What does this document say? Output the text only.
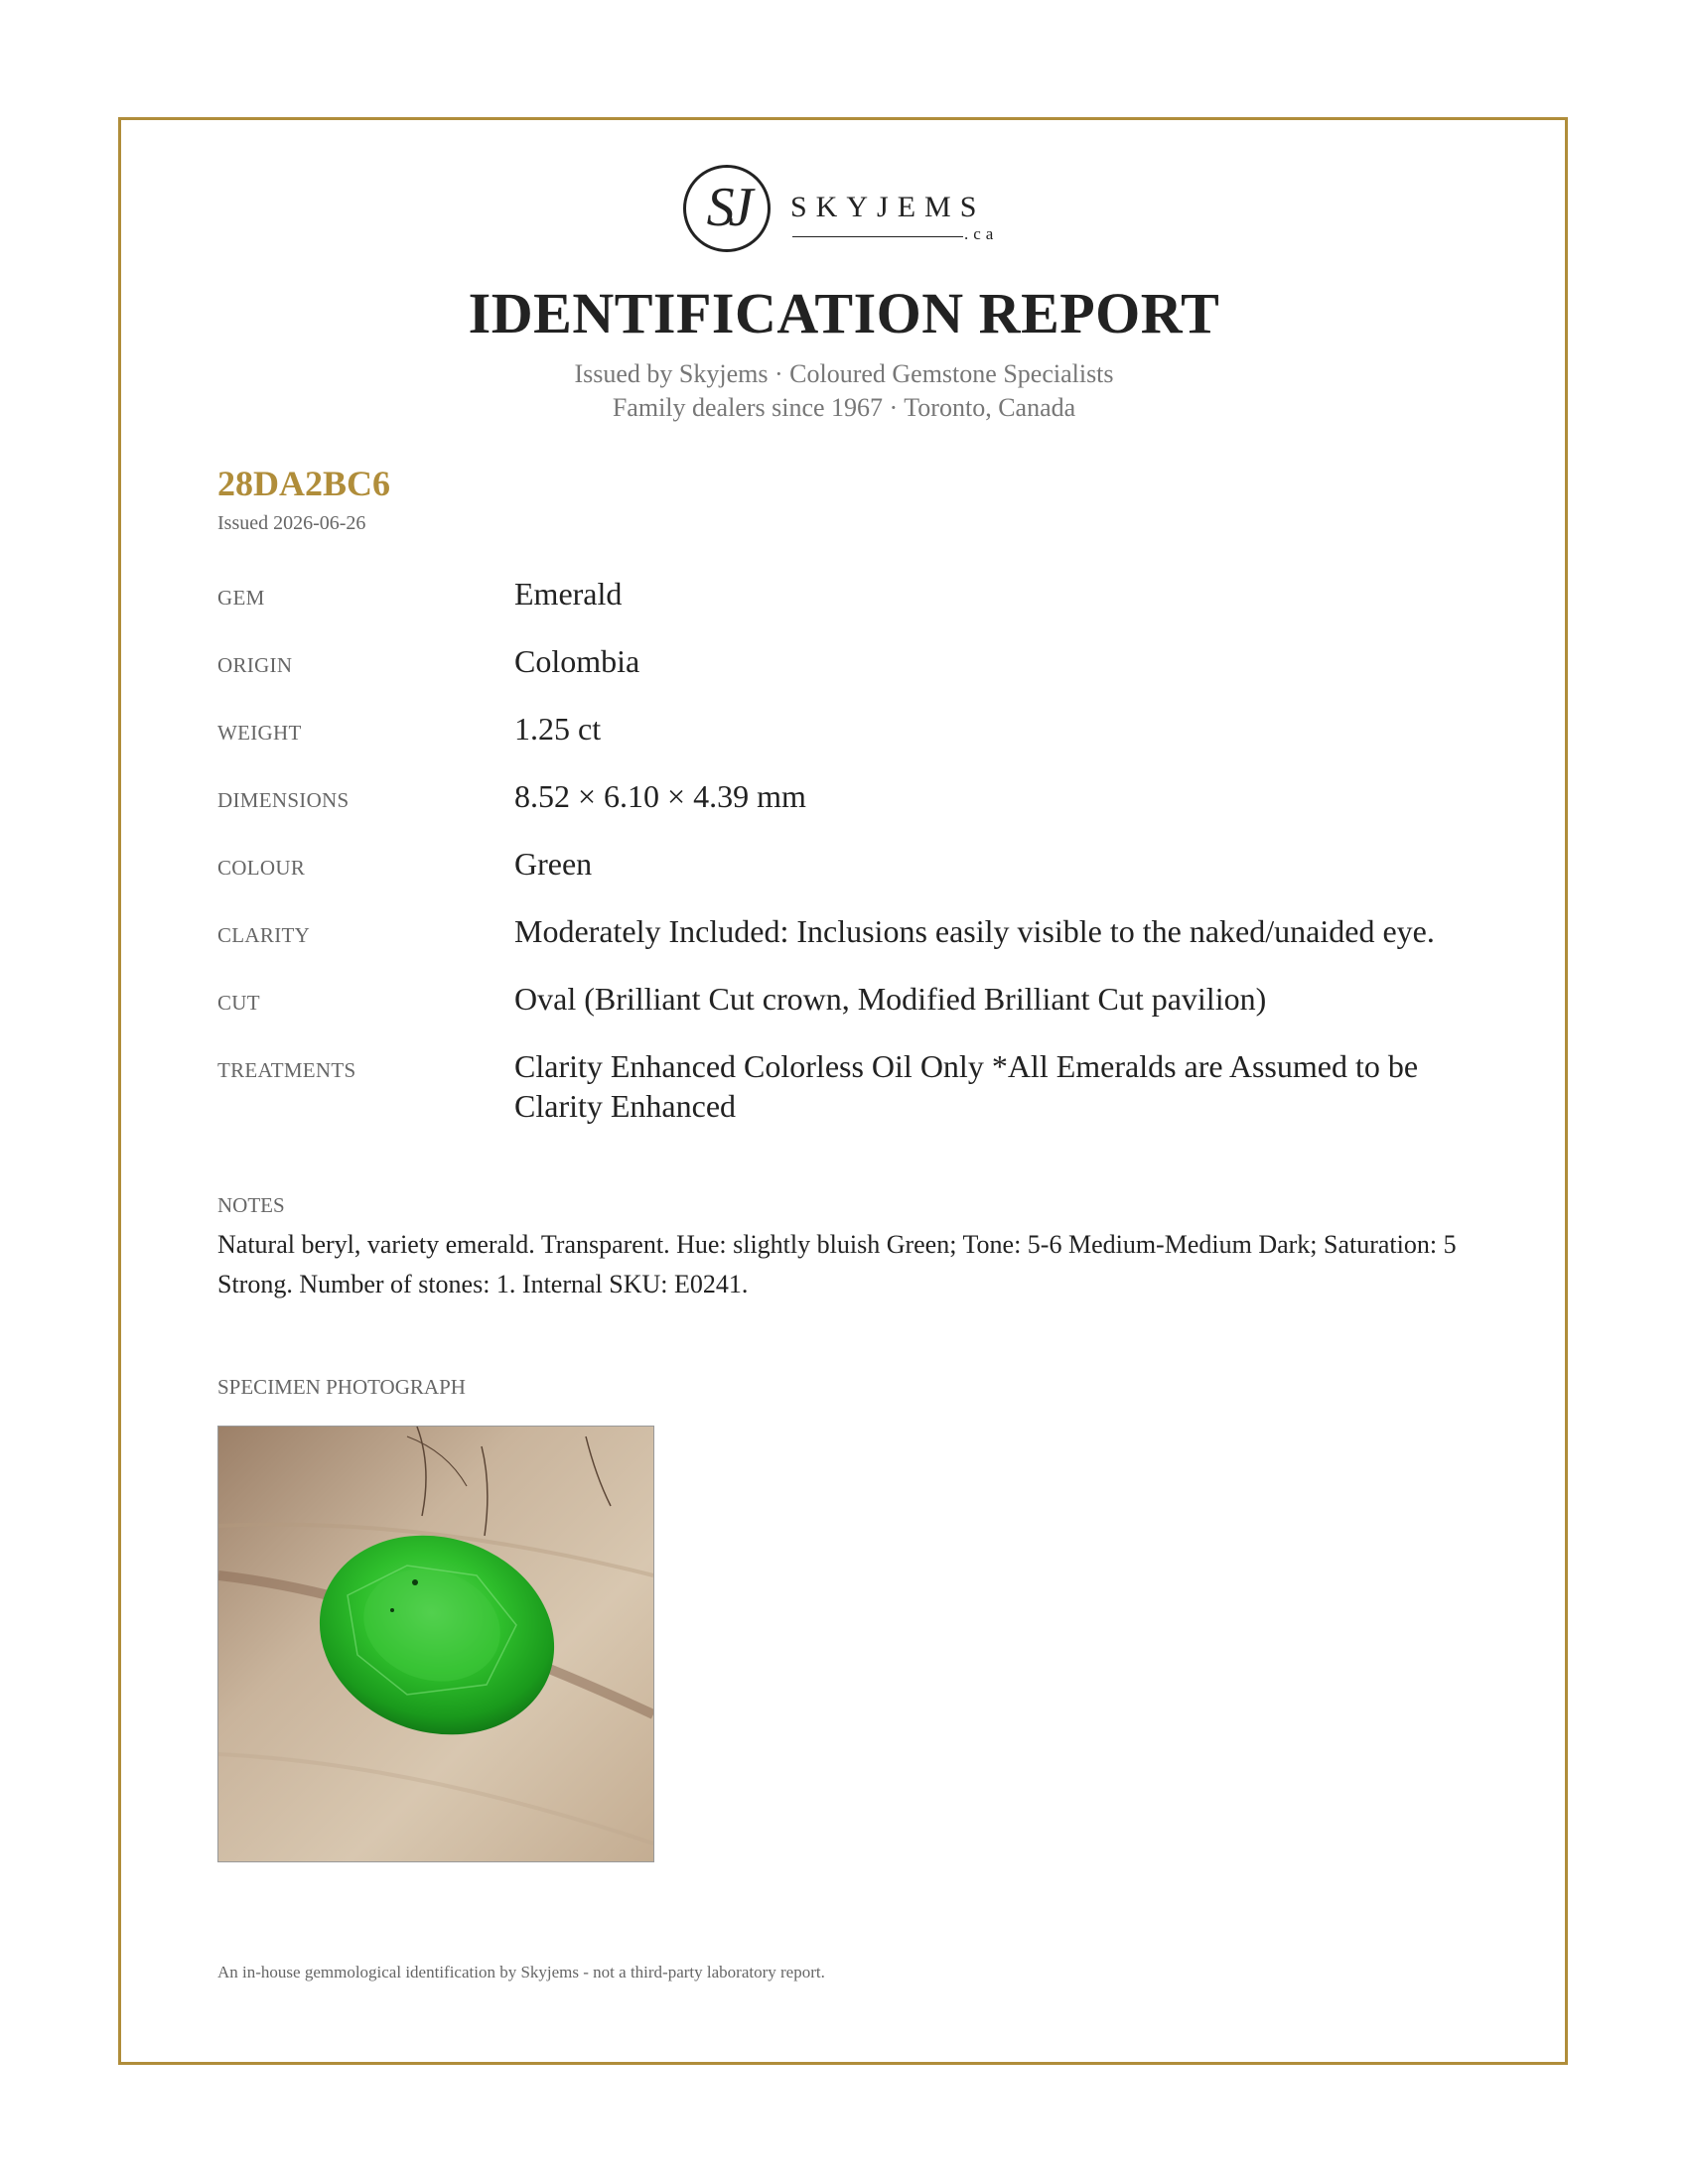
SJ	SKYJEMS
.ca
IDENTIFICATION REPORT
Issued by Skyjems · Coloured Gemstone Specialists
Family dealers since 1967 · Toronto, Canada
28DA2BC6
Issued 2026-06-26
GEM	Emerald
ORIGIN	Colombia
WEIGHT	1.25 ct
DIMENSIONS	8.52 × 6.10 × 4.39 mm
COLOUR	Green
CLARITY	Moderately Included: Inclusions easily visible to the naked/unaided eye.
CUT	Oval (Brilliant Cut crown, Modified Brilliant Cut pavilion)
TREATMENTS	Clarity Enhanced Colorless Oil Only *All Emeralds are Assumed to be Clarity Enhanced
NOTES
Natural beryl, variety emerald. Transparent. Hue: slightly bluish Green; Tone: 5-6 Medium-Medium Dark; Saturation: 5 Strong. Number of stones: 1. Internal SKU: E0241.
SPECIMEN PHOTOGRAPH
An in-house gemmological identification by Skyjems - not a third-party laboratory report.
